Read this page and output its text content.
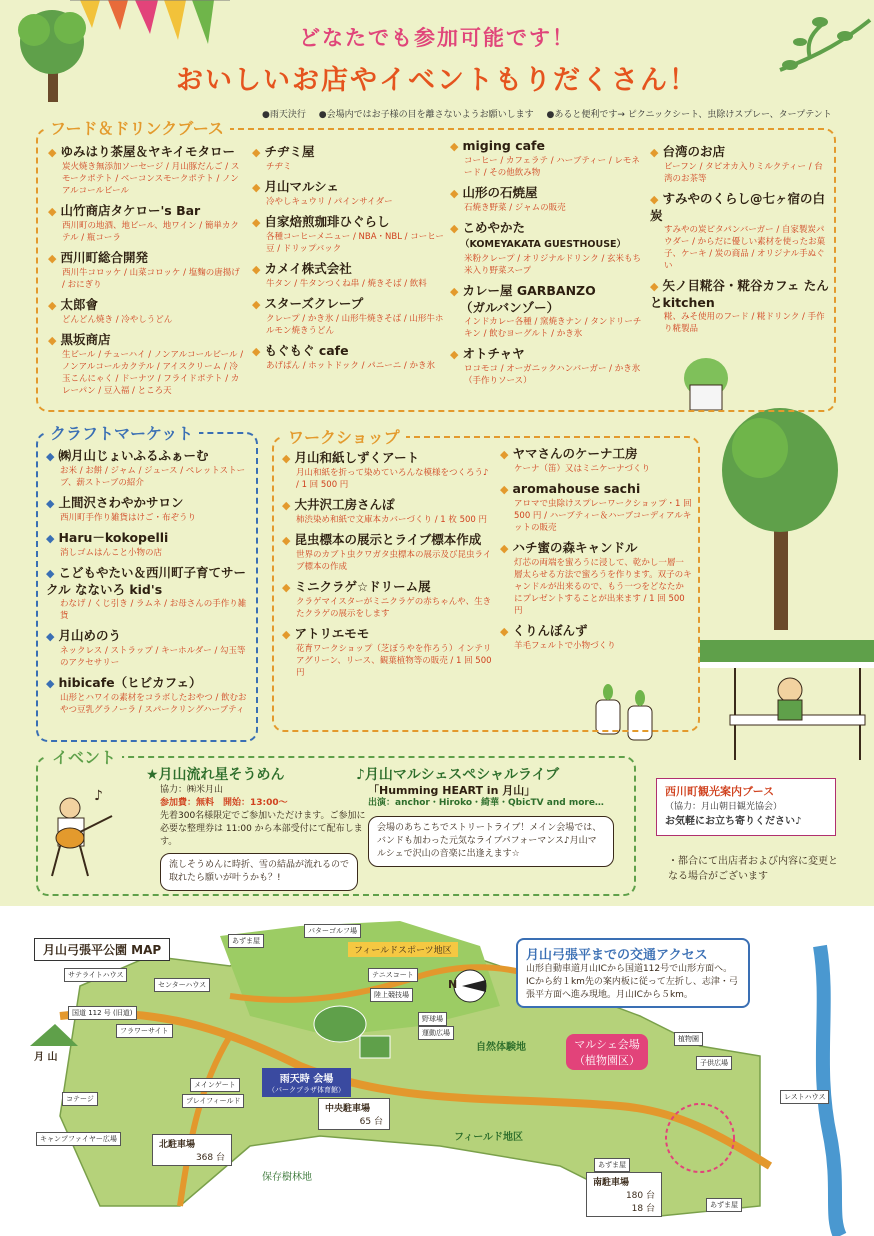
♪
どなたでも参加可能です！
おいしいお店やイベントもりだくさん！
●雨天決行 ●会場内ではお子様の目を離さないようお願いします ●あると便利です→ ピクニックシート、虫除けスプレー、タープテント
フード＆ドリンクブース
◆ ゆみはり茶屋＆ヤキイモタロー
炭火焼き無添加ソーセージ / 月山豚だんご / スモークポテト / ベーコンスモークポテト / ノンアルコールビール
◆ 山竹商店タケロー's Bar
西川町の地酒、地ビール、地ワイン / 簡単カクテル / 瓶コーラ
◆ 西川町総合開発
西川牛コロッケ / 山菜コロッケ / 塩麴の唐揚げ / おにぎり
◆ 太郎會
どんどん焼き / 冷やしうどん
◆ 黒坂商店
生ビール / チューハイ / ノンアルコールビール / ノンアルコールカクテル / アイスクリーム / 冷玉こんにゃく / ドーナツ / フライドポテト / カレーパン / 豆入福 / ところ天
◆ チヂミ屋
チヂミ
◆ 月山マルシェ
冷やしキュウリ / パインサイダー
◆ 自家焙煎珈琲ひぐらし
各種コーヒーメニュー / NBA・NBL / コーヒー豆 / ドリップバック
◆ カメイ株式会社
牛タン / 牛タンつくね串 / 焼きそば / 飲料
◆ スターズクレープ
クレープ / かき氷 / 山形牛焼きそば / 山形牛ホルモン焼きうどん
◆ もぐもぐ cafe
あげぱん / ホットドック / パニーニ / かき氷
◆ miging cafe
コーヒー / カフェラテ / ハーブティー / レモネード / その他飲み物
◆ 山形の石焼屋
石焼き野菜 / ジャムの販売
◆ こめやかた
（KOMEYAKATA GUESTHOUSE）
米粉クレープ / オリジナルドリンク / 玄米もち米入り野菜スープ
◆ カレー屋 GARBANZO
（ガルバンゾー）
インドカレー各種 / 窯焼きナン / タンドリーチキン / 飲むヨーグルト / かき氷
◆ オトチャヤ
ロコモコ / オーガニックハンバーガー / かき氷（手作りソース）
◆ 台湾のお店
ビーフン / タピオカ入りミルクティー / 台湾のお茶等
◆ すみやのくらし@七ヶ宿の白炭
すみやの炭ピタパンバーガー / 自家製炭パウダー / からだに優しい素材を使ったお菓子、ケーキ / 炭の商品 / オリジナル手ぬぐい
◆ 矢ノ目糀谷・糀谷カフェ たんとkitchen
糀、みそ使用のフード / 糀ドリンク / 手作り糀製品
クラフトマーケット
◆ ㈱月山じょいふるふぁーむ
お米 / お餅 / ジャム / ジュース / ペレットストーブ、薪ストーブの紹介
◆ 上間沢さわやかサロン
西川町手作り雑貨はけご・布ぞうり
◆ Haru－kokopelli
消しゴムはんこと小物の店
◆ こどもやたい＆西川町子育てサークル なないろ kid's
わなげ / くじ引き / ラムネ / お母さんの手作り雑貨
◆ 月山めのう
ネックレス / ストラップ / キーホルダー / 勾玉等のアクセサリー
◆ hibicafe（ヒビカフェ）
山形とハワイの素材をコラボしたおやつ / 飲むおやつ豆乳グラノーラ / スパークリングハーブティ
ワークショップ
◆ 月山和紙しずくアート
月山和紙を折って染めていろんな模様をつくろう♪ / 1 回 500 円
◆ 大井沢工房さんぽ
柿渋染め和紙で文庫本カバーづくり / 1 枚 500 円
◆ 昆虫標本の展示とライブ標本作成
世界のカブト虫クワガタ虫標本の展示及び昆虫ライブ標本の作成
◆ ミニクラゲ☆ドリーム展
クラゲマイスターがミニクラゲの赤ちゃんや、生きたクラゲの展示をします
◆ アトリエモモ
花育ワークショップ（芝ぼうやを作ろう）インテリアグリーン、リース、観葉植物等の販売 / 1 回 500 円
◆ ヤマさんのケーナ工房
ケーナ（笛）又はミニケーナづくり
◆ aromahouse sachi
アロマで虫除けスプレーワークショップ・1 回 500 円 / ハーブティー＆ハーブコーディアルキットの販売
◆ ハチ蜜の森キャンドル
灯芯の両端を蜜ろうに浸して、乾かし一層一層太らせる方法で蜜ろうを作ります。双子のキャンドルが出来るので、もう一つをどなたかにプレゼントすることが出来ます / 1 回 500 円
◆ くりんぼんず
羊毛フェルトで小物づくり
イベント
★月山流れ星そうめん
協力：㈱米月山
参加費：無料　開始：13:00～
先着300名様限定でご参加いただけます。ご参加に必要な整理券は 11:00 から本部受付にて配布します。
流しそうめんに時折、雪の結晶が流れるので取れたら願いが叶うかも？!
♪月山マルシェスペシャルライブ
「Humming HEART in 月山」
出演：anchor・Hiroko・綺華・QbicTV and more…
会場のあちこちでストリートライブ！メイン会場では、バンドも加わった元気なライブパフォーマンス♪月山マルシェで沢山の音楽に出逢えます☆
西川町観光案内ブース
（協力：月山朝日観光協会）
お気軽にお立ち寄りください♪
・都合にて出店者および内容に変更となる場合がございます
月山弓張平公園 MAP
月 山
N
月山弓張平までの交通アクセス
山形自動車道月山ICから国道112号で山形方面へ。ICから約１km先の案内板に従って左折し、志津・弓張平方面へ進み現地。月山ICから５km。
マルシェ会場
（植物園区）
雨天時 会場
（パークプラザ体育館）
フィールドスポーツ地区
自然体験地
フィールド地区
保存樹林地
あずま屋
パターゴルフ場
テニスコート
陸上競技場
野球場
運動広場
サテライトハウス
センターハウス
フラワーサイト
コテージ
キャンプファイヤー広場
プレイフィールド
メインゲート
植物園
子供広場
あずま屋
レストハウス
あずま屋
国道 112 号 (旧道)
北駐車場
368 台
中央駐車場
65 台
南駐車場
180 台
18 台
